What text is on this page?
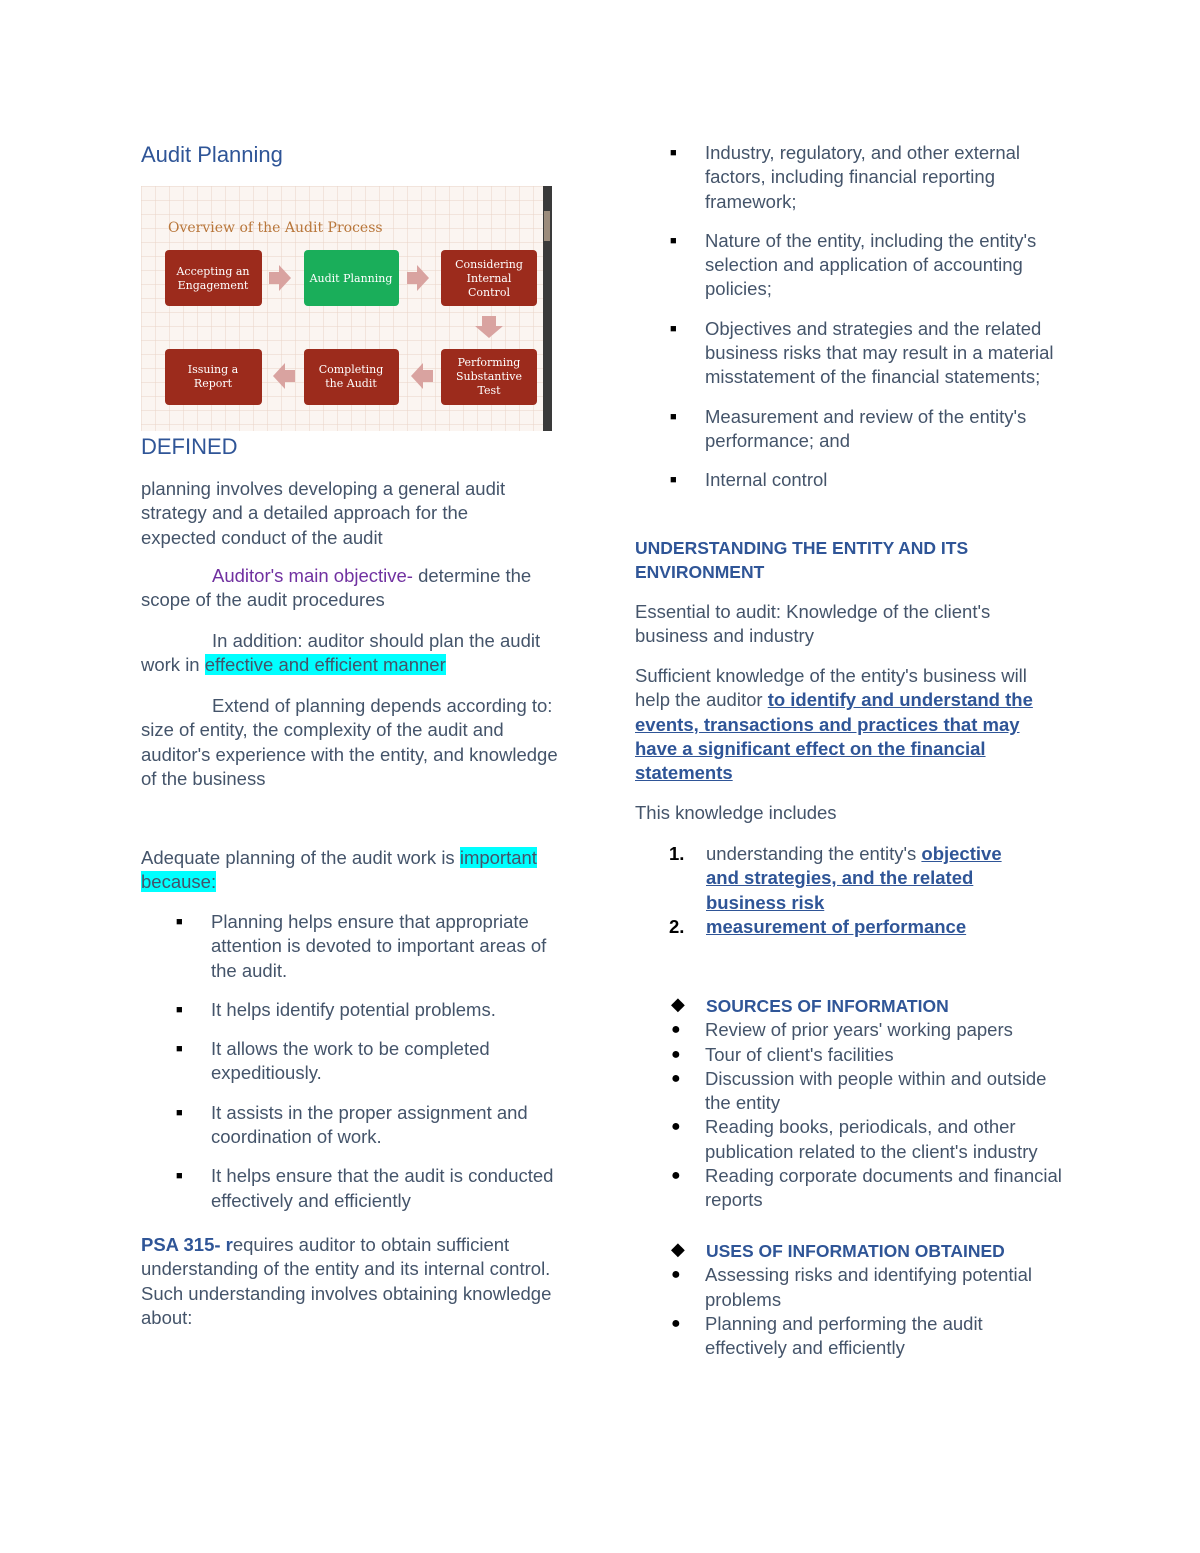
Audit Planning
Overview of the Audit Process
Accepting an
Engagement
Audit Planning
Considering
Internal
Control
Performing
Substantive
Test
Completing
the Audit
Issuing a
Report
DEFINED
planning involves developing a general audit strategy and a detailed approach for the expected conduct of the audit
Auditor's main objective- determine the scope of the audit procedures
In addition: auditor should plan the audit work in effective and efficient manner
Extend of planning depends according to: size of entity, the complexity of the audit and auditor's experience with the entity, and knowledge of the business
Adequate planning of the audit work is important because:
■ Planning helps ensure that appropriate attention is devoted to important areas of the audit.
■ It helps identify potential problems.
■ It allows the work to be completed expeditiously.
■ It assists in the proper assignment and coordination of work.
■ It helps ensure that the audit is conducted effectively and efficiently
PSA 315- requires auditor to obtain sufficient understanding of the entity and its internal control. Such understanding involves obtaining knowledge about:
■ Industry, regulatory, and other external factors, including financial reporting framework;
■ Nature of the entity, including the entity's selection and application of accounting policies;
■ Objectives and strategies and the related business risks that may result in a material misstatement of the financial statements;
■ Measurement and review of the entity's performance; and
■ Internal control
UNDERSTANDING THE ENTITY AND ITS ENVIRONMENT
Essential to audit: Knowledge of the client's business and industry
Sufficient knowledge of the entity's business will help the auditor to identify and understand the events, transactions and practices that may have a significant effect on the financial statements
This knowledge includes
1. understanding the entity's objective and strategies, and the related business risk
2. measurement of performance
◆	SOURCES OF INFORMATION
● Review of prior years' working papers
● Tour of client's facilities
● Discussion with people within and outside the entity
● Reading books, periodicals, and other publication related to the client's industry
● Reading corporate documents and financial reports
◆	USES OF INFORMATION OBTAINED
● Assessing risks and identifying potential problems
● Planning and performing the audit effectively and efficiently
